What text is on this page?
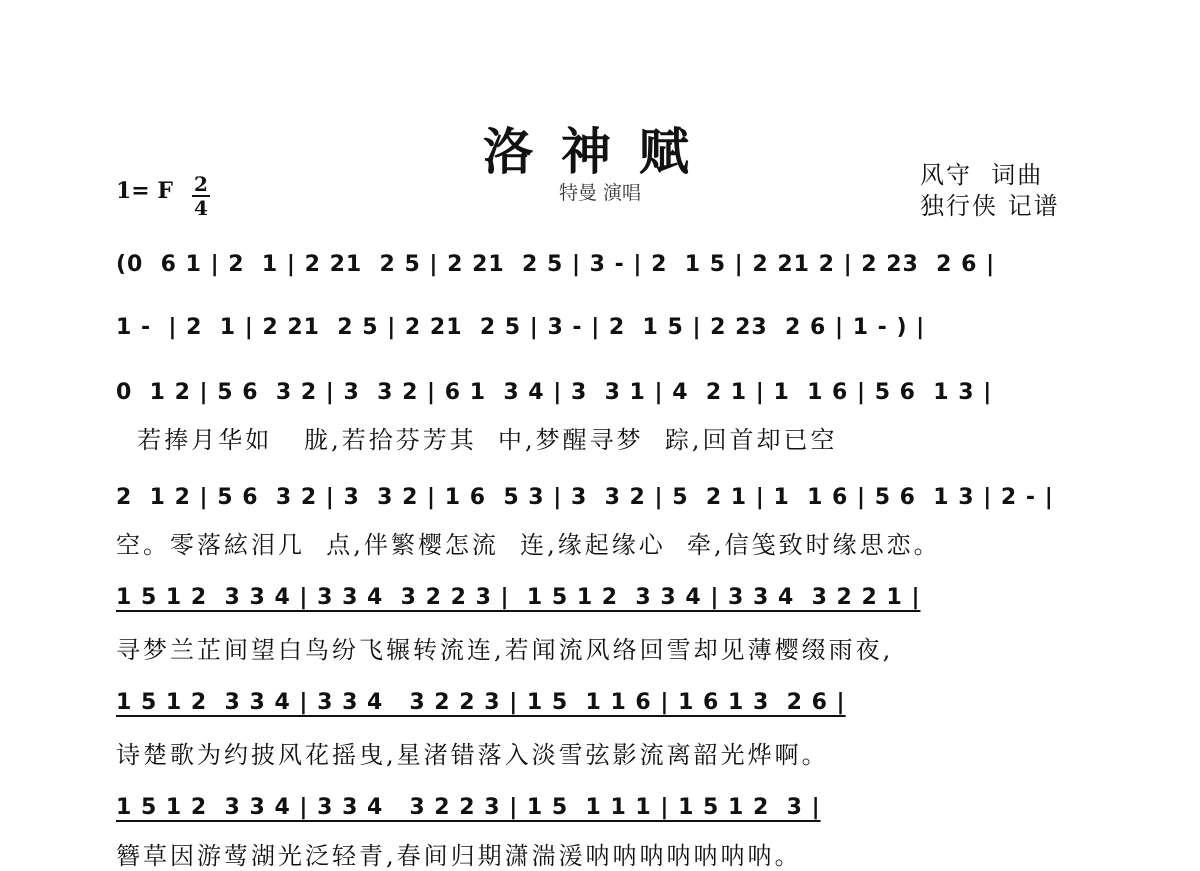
洛神赋
特曼 演唱
1= F 2
4
风守  词曲
独行侠 记谱
(0  6 1 | 2  1 | 2 21  2 5 | 2 21  2 5 | 3 - | 2  1 5 | 2 21 2 | 2 23  2 6 |
1 -  | 2  1 | 2 21  2 5 | 2 21  2 5 | 3 - | 2  1 5 | 2 23  2 6 | 1 - ) |
0  1 2 | 5 6  3 2 | 3  3 2 | 6 1  3 4 | 3  3 1 | 4  2 1 | 1  1 6 | 5 6  1 3 |
若捧月华如   胧,若拾芬芳其  中,梦醒寻梦  踪,回首却已空
2  1 2 | 5 6  3 2 | 3  3 2 | 1 6  5 3 | 3  3 2 | 5  2 1 | 1  1 6 | 5 6  1 3 | 2 - |
空。零落絃泪几  点,伴繁樱怎流  连,缘起缘心  牵,信笺致时缘思恋。
1 5 1 2  3 3 4 | 3 3 4  3 2 2 3 |  1 5 1 2  3 3 4 | 3 3 4  3 2 2 1 |
寻梦兰芷间望白鸟纷飞辗转流连,若闻流风络回雪却见薄樱缀雨夜,
1 5 1 2  3 3 4 | 3 3 4   3 2 2 3 | 1 5  1 1 6 | 1 6 1 3  2 6 |
诗楚歌为约披风花摇曳,星渚错落入淡雪弦影流离韶光烨啊。
1 5 1 2  3 3 4 | 3 3 4   3 2 2 3 | 1 5  1 1 1 | 1 5 1 2  3 |
簪草因游莺湖光泛轻青,春间归期潇湍湲呐呐呐呐呐呐呐。
